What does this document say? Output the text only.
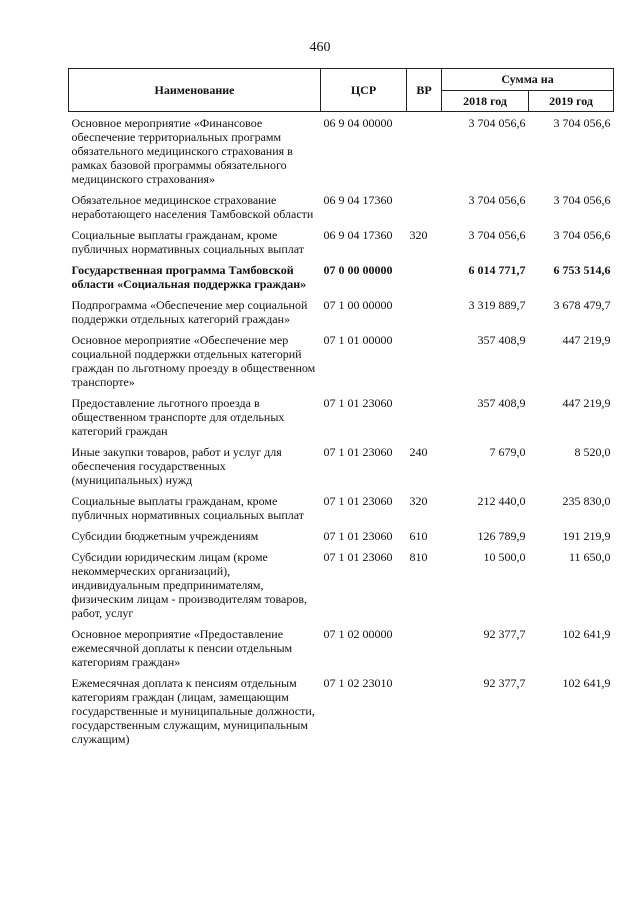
460
Наименование	ЦСР	ВР	Сумма на	
			2018 год	2019 год
Основное мероприятие «Финансовое обеспечение территориальных программ обязательного медицинского страхования в рамках базовой программы обязательного медицинского страхования»	06 9 04 00000		3 704 056,6	3 704 056,6
Обязательное медицинское страхование неработающего населения Тамбовской области	06 9 04 17360		3 704 056,6	3 704 056,6
Социальные выплаты гражданам, кроме публичных нормативных социальных выплат	06 9 04 17360	320	3 704 056,6	3 704 056,6
Государственная программа Тамбовской области «Социальная поддержка граждан»	07 0 00 00000		6 014 771,7	6 753 514,6
Подпрограмма «Обеспечение мер социальной поддержки отдельных категорий граждан»	07 1 00 00000		3 319 889,7	3 678 479,7
Основное мероприятие «Обеспечение мер социальной поддержки отдельных категорий граждан по льготному проезду в общественном транспорте»	07 1 01 00000		357 408,9	447 219,9
Предоставление льготного проезда в общественном транспорте для отдельных категорий граждан	07 1 01 23060		357 408,9	447 219,9
Иные закупки товаров, работ и услуг для обеспечения государственных (муниципальных) нужд	07 1 01 23060	240	7 679,0	8 520,0
Социальные выплаты гражданам, кроме публичных нормативных социальных выплат	07 1 01 23060	320	212 440,0	235 830,0
Субсидии бюджетным учреждениям	07 1 01 23060	610	126 789,9	191 219,9
Субсидии юридическим лицам (кроме некоммерческих организаций), индивидуальным предпринимателям, физическим лицам - производителям товаров, работ, услуг	07 1 01 23060	810	10 500,0	11 650,0
Основное мероприятие «Предоставление ежемесячной доплаты к пенсии отдельным категориям граждан»	07 1 02 00000		92 377,7	102 641,9
Ежемесячная доплата к пенсиям отдельным категориям граждан (лицам, замещающим государственные и муниципальные должности, государственным служащим, муниципальным служащим)	07 1 02 23010		92 377,7	102 641,9
